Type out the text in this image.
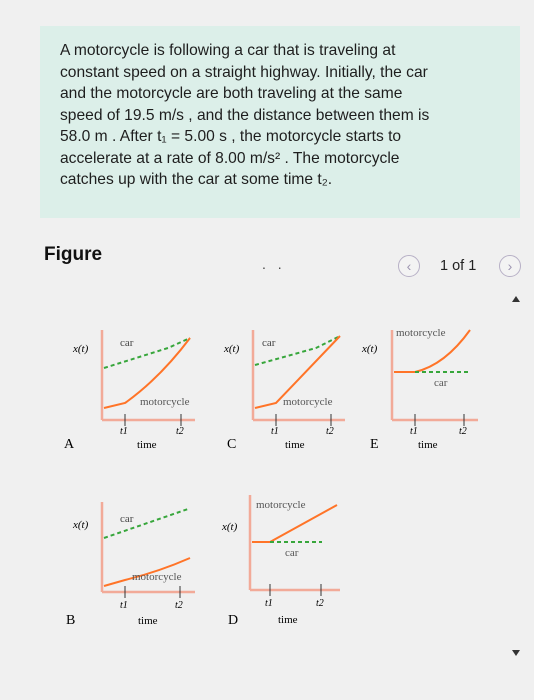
A motorcycle is following a car that is traveling at

constant speed on a straight highway. Initially, the car

and the motorcycle are both traveling at the same

speed of 19.5 m/s , and the distance between them is

58.0 m . After t₁ = 5.00 s , the motorcycle starts to

accelerate at a rate of 8.00 m/s² . The motorcycle

catches up with the car at some time t₂.

Figure	. .	‹	1 of 1	›
x(t)	car
motorcycle
time
t1	t2
A
x(t) car
motorcycle
time
t1	t2
C
x(t)
motorcycle
car
time
t1	t2
E
x(t)	car
motorcycle
time
t1	t2
B
x(t)
motorcycle
car
time
t1	t2
D
